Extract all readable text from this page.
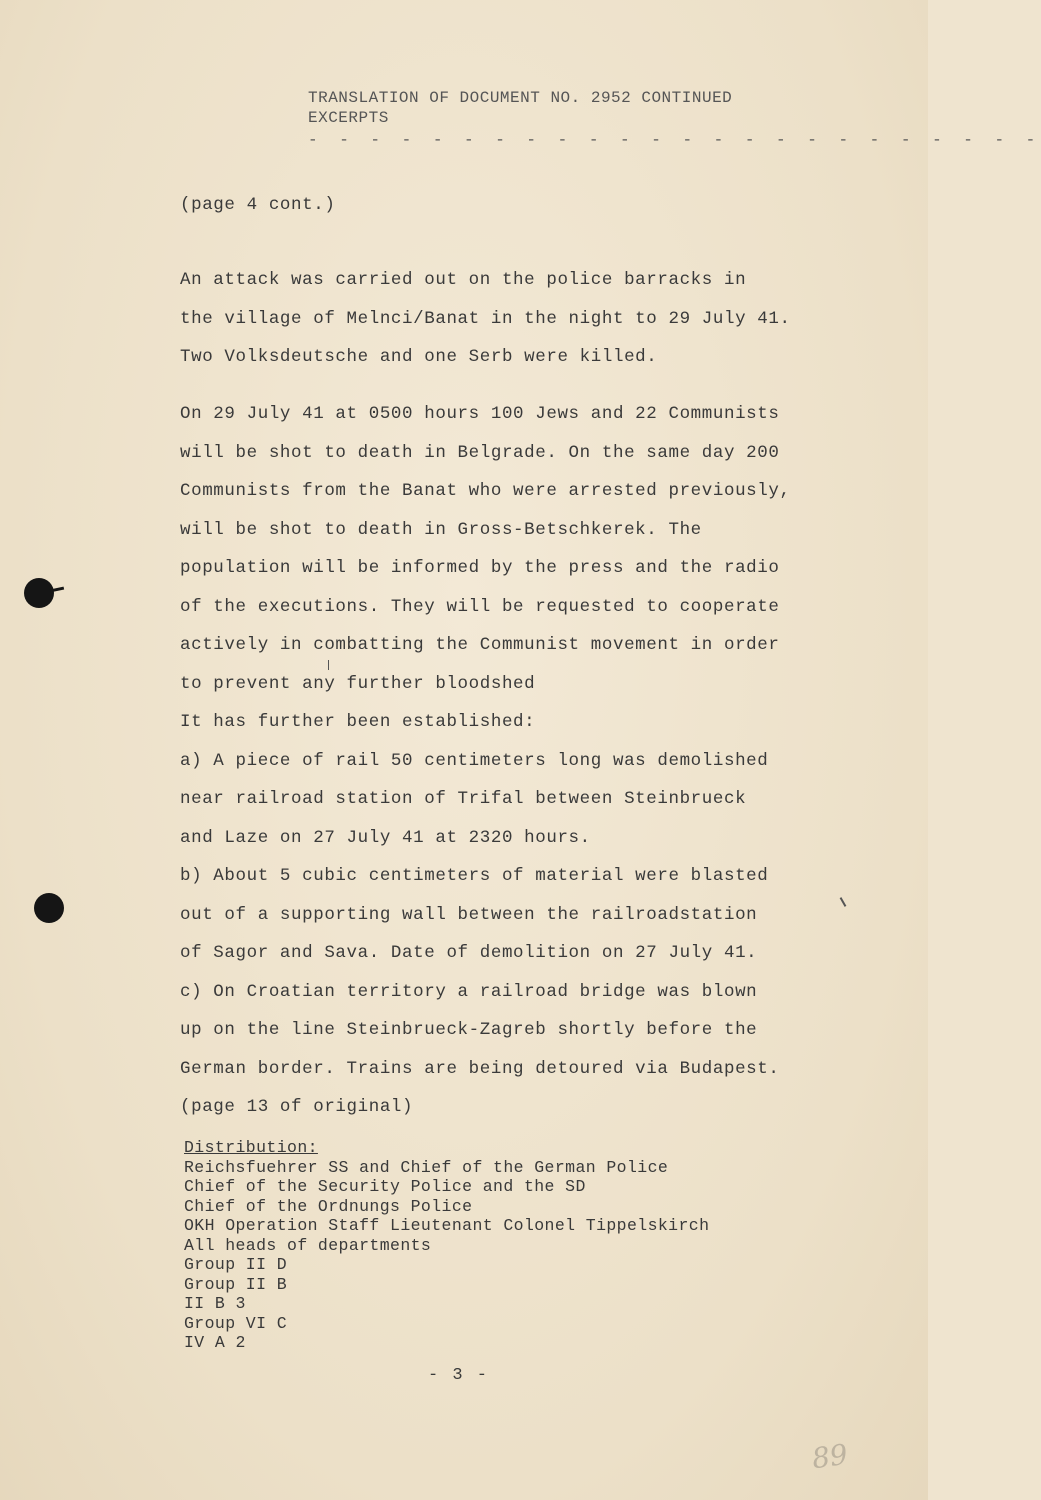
TRANSLATION OF DOCUMENT NO. 2952 CONTINUED
EXCERPTS
- - - - - - - - - - - - - - - - - - - - - - - -
(page 4 cont.)
An attack was carried out on the police barracks in
the village of Melnci/Banat in the night to 29 July 41.
Two Volksdeutsche and one Serb were killed.
On 29 July 41 at 0500 hours 100 Jews and 22 Communists
will be shot to death in Belgrade. On the same day 200
Communists from the Banat who were arrested previously,
will be shot to death in Gross-Betschkerek. The
population will be informed by the press and the radio
of the executions. They will be requested to cooperate
actively in combatting the Communist movement in order
to prevent any further bloodshed
It has further been established:
a) A piece of rail 50 centimeters long was demolished
near railroad station of Trifal between Steinbrueck
and Laze on 27 July 41 at 2320 hours.
b) About 5 cubic centimeters of material were blasted
out of a supporting wall between the railroadstation
of Sagor and Sava. Date of demolition on 27 July 41.
c) On Croatian territory a railroad bridge was blown
up on the line Steinbrueck-Zagreb shortly before the
German border. Trains are being detoured via Budapest.
(page 13 of original)
Distribution:
Reichsfuehrer SS and Chief of the German Police
Chief of the Security Police and the SD
Chief of the Ordnungs Police
OKH Operation Staff Lieutenant Colonel Tippelskirch
All heads of departments
Group II D
Group II B
II B 3
Group VI C
IV A 2
- 3 -
89
